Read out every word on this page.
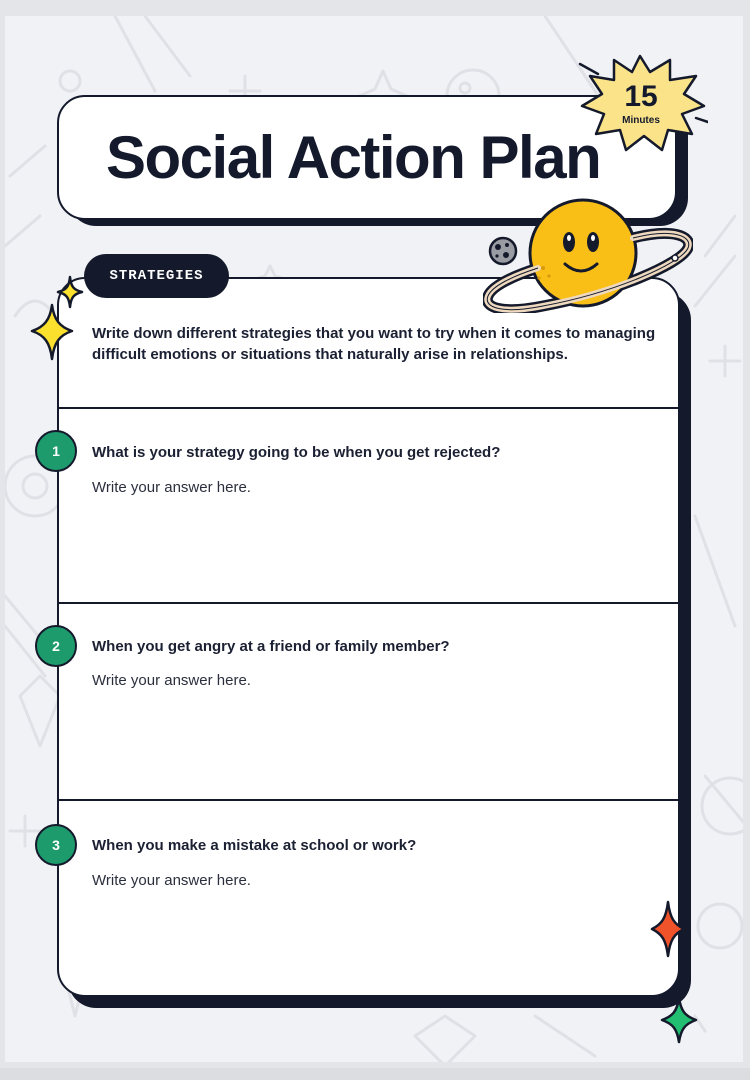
Social Action Plan
15
Minutes
Write down different strategies that you want to try when it comes to managing difficult emotions or situations that naturally arise in relationships.
What is your strategy going to be when you get rejected?
Write your answer here.
When you get angry at a friend or family member?
Write your answer here.
When you make a mistake at school or work?
Write your answer here.
STRATEGIES
1
2
3
